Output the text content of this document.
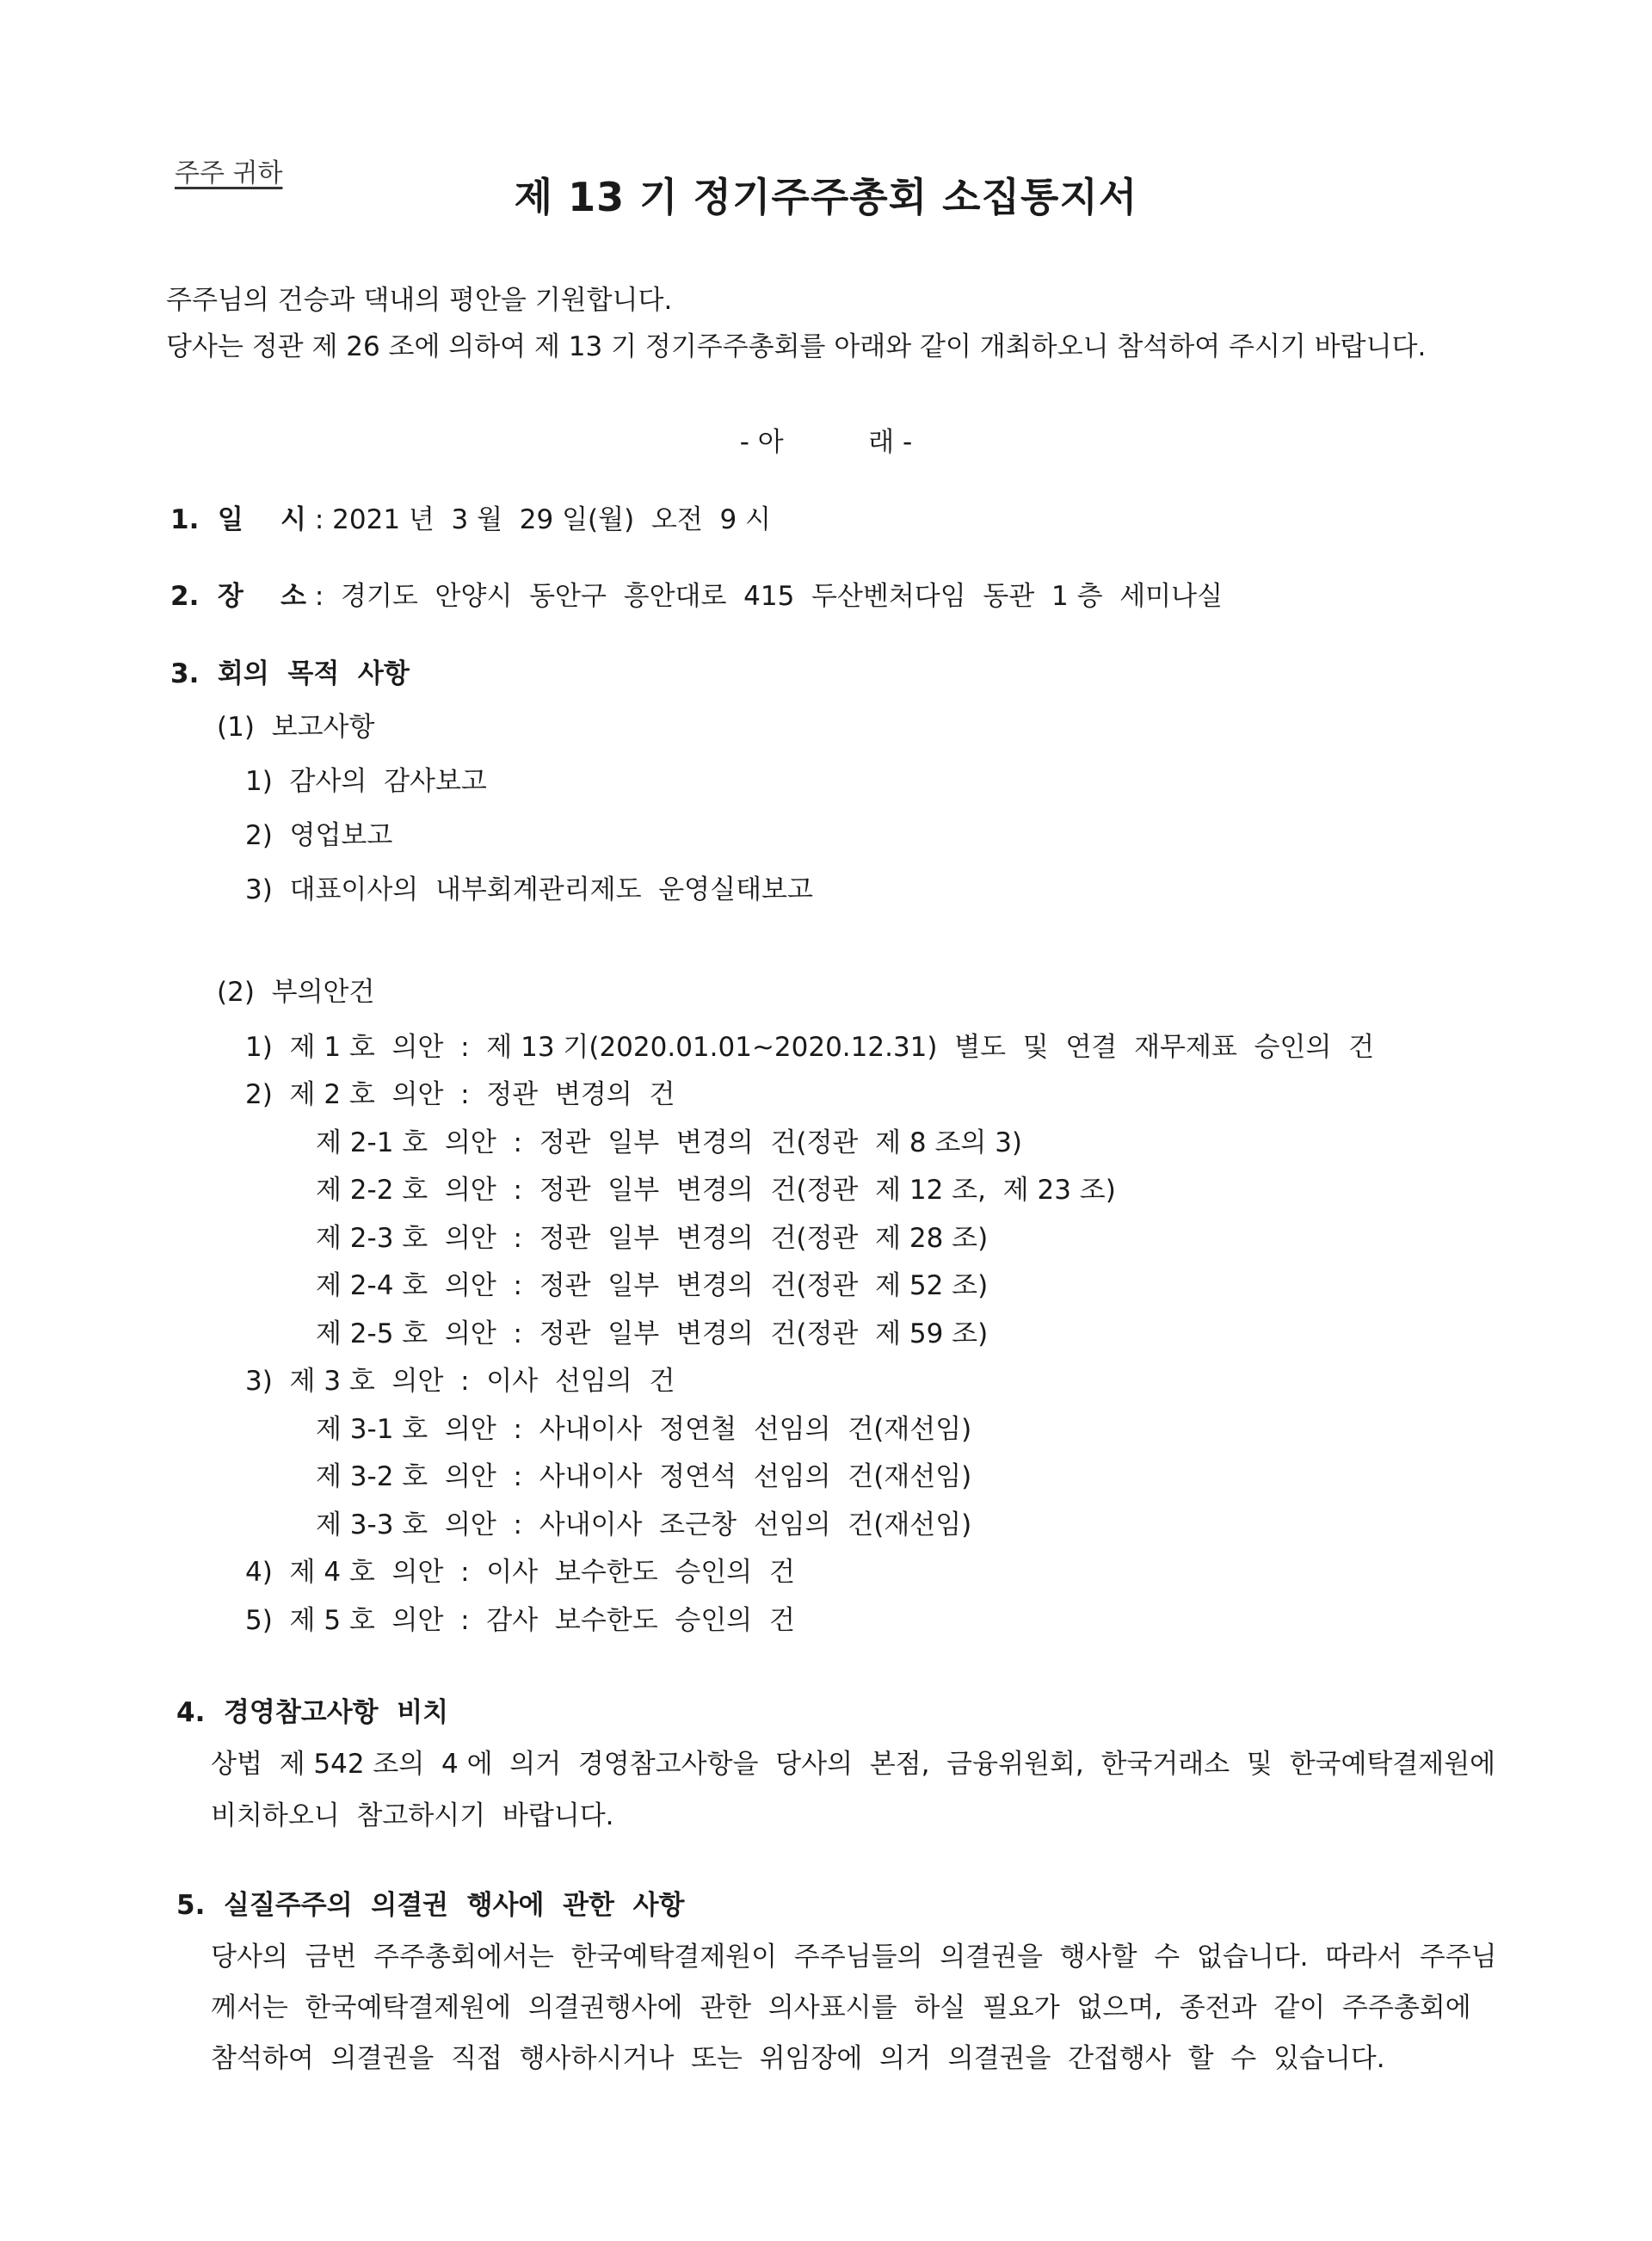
주주 귀하
제 13 기 정기주주총회 소집통지서
주주님의 건승과 댁내의 평안을 기원합니다.
당사는 정관 제 26 조에 의하여 제 13 기 정기주주총회를 아래와 같이 개최하오니 참석하여 주시기 바랍니다.
- 아          래 -
1.  일    시 : 2021 년  3 월  29 일(월)  오전  9 시
2.  장    소 :  경기도  안양시  동안구  흥안대로  415  두산벤처다임  동관  1 층  세미나실
3.  회의  목적  사항
(1)  보고사항
1)  감사의  감사보고
2)  영업보고
3)  대표이사의  내부회계관리제도  운영실태보고
(2)  부의안건
1)  제 1 호  의안  :  제 13 기(2020.01.01~2020.12.31)  별도  및  연결  재무제표  승인의  건
2)  제 2 호  의안  :  정관  변경의  건
제 2-1 호  의안  :  정관  일부  변경의  건(정관  제 8 조의 3)
제 2-2 호  의안  :  정관  일부  변경의  건(정관  제 12 조,  제 23 조)
제 2-3 호  의안  :  정관  일부  변경의  건(정관  제 28 조)
제 2-4 호  의안  :  정관  일부  변경의  건(정관  제 52 조)
제 2-5 호  의안  :  정관  일부  변경의  건(정관  제 59 조)
3)  제 3 호  의안  :  이사  선임의  건
제 3-1 호  의안  :  사내이사  정연철  선임의  건(재선임)
제 3-2 호  의안  :  사내이사  정연석  선임의  건(재선임)
제 3-3 호  의안  :  사내이사  조근창  선임의  건(재선임)
4)  제 4 호  의안  :  이사  보수한도  승인의  건
5)  제 5 호  의안  :  감사  보수한도  승인의  건
4.  경영참고사항  비치
상법  제 542 조의  4 에  의거  경영참고사항을  당사의  본점,  금융위원회,  한국거래소  및  한국예탁결제원에
비치하오니  참고하시기  바랍니다.
5.  실질주주의  의결권  행사에  관한  사항
당사의  금번  주주총회에서는  한국예탁결제원이  주주님들의  의결권을  행사할  수  없습니다.  따라서  주주님
께서는  한국예탁결제원에  의결권행사에  관한  의사표시를  하실  필요가  없으며,  종전과  같이  주주총회에
참석하여  의결권을  직접  행사하시거나  또는  위임장에  의거  의결권을  간접행사  할  수  있습니다.
